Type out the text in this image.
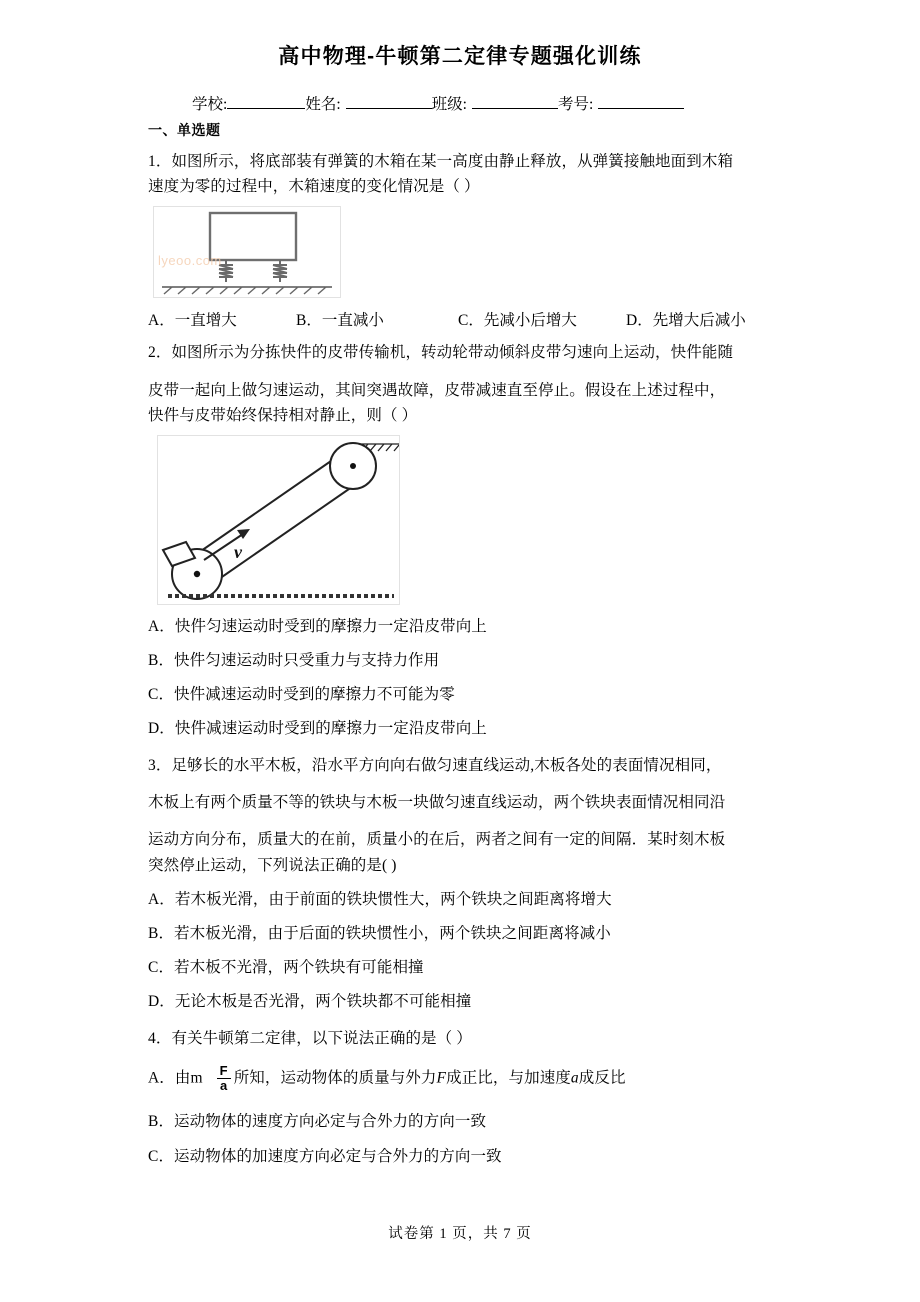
高中物理-牛顿第二定律专题强化训练
学校:	姓名:	班级:	考号:
一、单选题
1．如图所示，将底部装有弹簧的木箱在某一高度由静止释放，从弹簧接触地面到木箱
速度为零的过程中，木箱速度的变化情况是（ ）
lyeoo.com
A．一直增大	B．一直减小	C．先减小后增大	D．先增大后减小
2．如图所示为分拣快件的皮带传输机，转动轮带动倾斜皮带匀速向上运动，快件能随
皮带一起向上做匀速运动，其间突遇故障，皮带减速直至停止。假设在上述过程中，
快件与皮带始终保持相对静止，则（ ）
v
A．快件匀速运动时受到的摩擦力一定沿皮带向上
B．快件匀速运动时只受重力与支持力作用
C．快件减速运动时受到的摩擦力不可能为零
D．快件减速运动时受到的摩擦力一定沿皮带向上
3．足够长的水平木板，沿水平方向向右做匀速直线运动,木板各处的表面情况相同，
木板上有两个质量不等的铁块与木板一块做匀速直线运动，两个铁块表面情况相同沿
运动方向分布，质量大的在前，质量小的在后，两者之间有一定的间隔．某时刻木板
突然停止运动，下列说法正确的是( )
A．若木板光滑，由于前面的铁块惯性大，两个铁块之间距离将增大
B．若木板光滑，由于后面的铁块惯性小，两个铁块之间距离将减小
C．若木板不光滑，两个铁块有可能相撞
D．无论木板是否光滑，两个铁块都不可能相撞
4．有关牛顿第二定律，以下说法正确的是（ ）
A．由m $\frac{F}{a}$ 所知，运动物体的质量与外力F成正比，与加速度a成反比
B．运动物体的速度方向必定与合外力的方向一致
C．运动物体的加速度方向必定与合外力的方向一致
试卷第 1 页，共 7 页
